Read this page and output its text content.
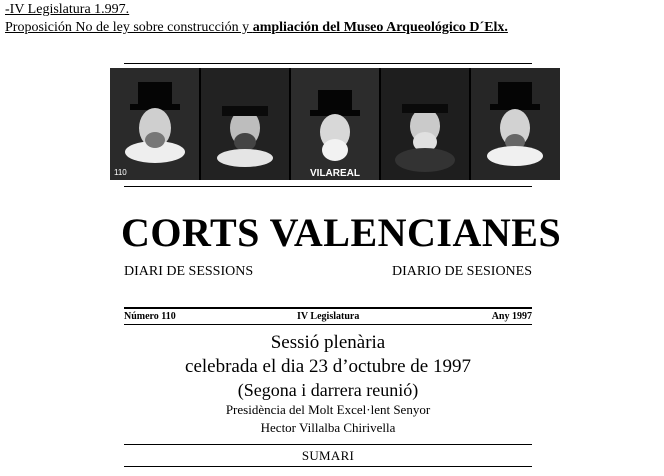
-IV Legislatura 1.997.
Proposición No de ley sobre construcción y ampliación del Museo Arqueológico D´Elx.
VILAREAL
110
CORTS VALENCIANES
DIARI DE SESSIONS	DIARIO DE SESIONES
Número 110	IV Legislatura	Any 1997
Sessió plenària
celebrada el dia 23 d’octubre de 1997
(Segona i darrera reunió)
Presidència del Molt Excel·lent Senyor
Hector Villalba Chirivella
SUMARI
